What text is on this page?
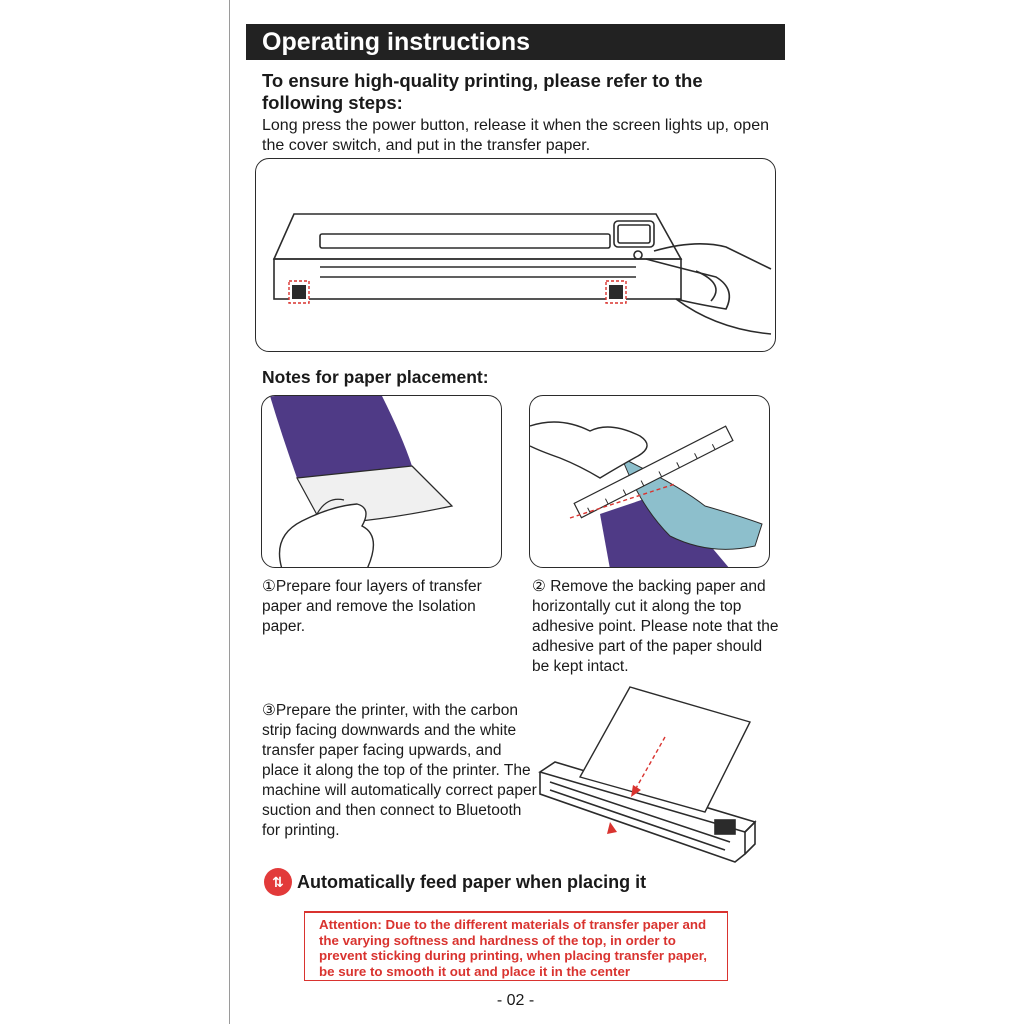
Operating instructions
To ensure high-quality printing, please refer to the following steps:
Long press the power button, release it when the screen lights up, open the cover switch, and put in the transfer paper.
Notes for paper placement:
①Prepare four layers of transfer paper and remove the Isolation paper.
② Remove the backing paper and horizontally cut it along the top adhesive point. Please note that the adhesive part of the paper should be kept intact.
③Prepare the printer, with the carbon strip facing downwards and the white transfer paper facing upwards, and place it along the top of the printer. The machine will automatically correct paper suction and then connect to Bluetooth for printing.
⇅ Automatically feed paper when placing it
Attention: Due to the different materials of transfer paper and the varying softness and hardness of the top, in order to prevent sticking during printing, when placing transfer paper, be sure to smooth it out and place it in the center
- 02 -
